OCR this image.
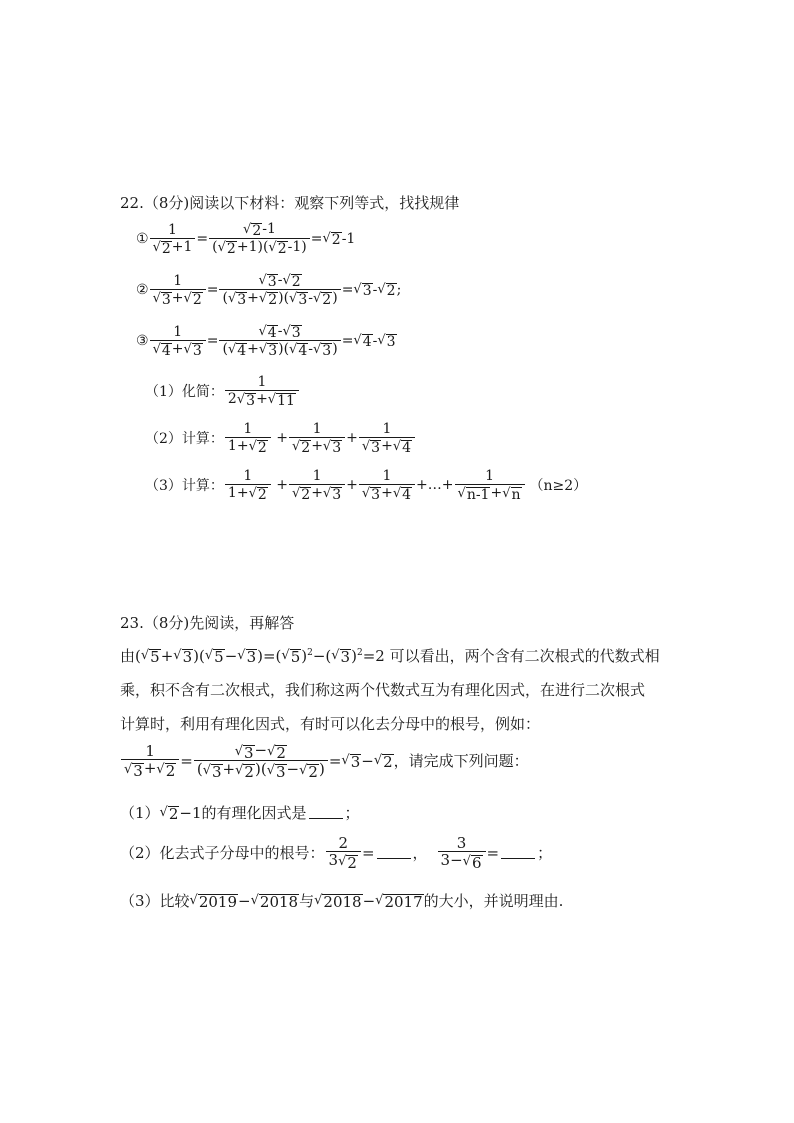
22.（8分)阅读以下材料：观察下列等式，找找规律
① $\frac{1}{√ 2 +1} = \frac{√ 2 -1}{( √ 2 +1)( √ 2 -1)}$ = √ 2 -1
② $\frac{1}{√ 3 + √ 2} = \frac{√ 3 - √ 2}{( √ 3 + √ 2 )( √ 3 - √ 2 )}$ = √ 3 - √ 2 ;
③ $\frac{1}{√ 4 + √ 3} = \frac{√ 4 - √ 3}{( √ 4 + √ 3 )( √ 4 - √ 3 )}$ = √ 4 - √ 3
（1）化简： $\frac{1}{2 √ 3 + √ 11}$
（2）计算： $\frac{1}{1+ √ 2} + \frac{1}{√ 2 + √ 3} + \frac{1}{√ 3 + √ 4}$
（3）计算： $\frac{1}{1+ √ 2} + \frac{1}{√ 2 + √ 3} + \frac{1}{√ 3 + √ 4}$ +…+ $\frac{1}{√ n-1 + √ n} (n\ge 2)$
23.（8分)先阅读，再解答
由( √ 5 + √ 3 )( √ 5 − √ 3 )=( √ 5 )$^2$−( √ 3 )$^2$ =2 可以看出，两个含有二次根式的代数式相
乘，积不含有二次根式，我们称这两个代数式互为有理化因式，在进行二次根式
计算时，利用有理化因式，有时可以化去分母中的根号，例如：
$\frac{1}{√ 3 + √ 2} = \frac{√ 3 - √ 2}{( √ 3 + √ 2 )( √ 3 - √ 2 )}$ = √ 3 − √ 2 ，请完成下列问题：
（1） √ 2 −1 的有理化因式是	；
（2）化去式子分母中的根号： $\frac{2}{3 √ 2}$ =	， $\frac{3}{3- √ 6}$ =	；
（3）比较 √ 2019 − √ 2018 与 √ 2018 − √ 2017 的大小，并说明理由.
